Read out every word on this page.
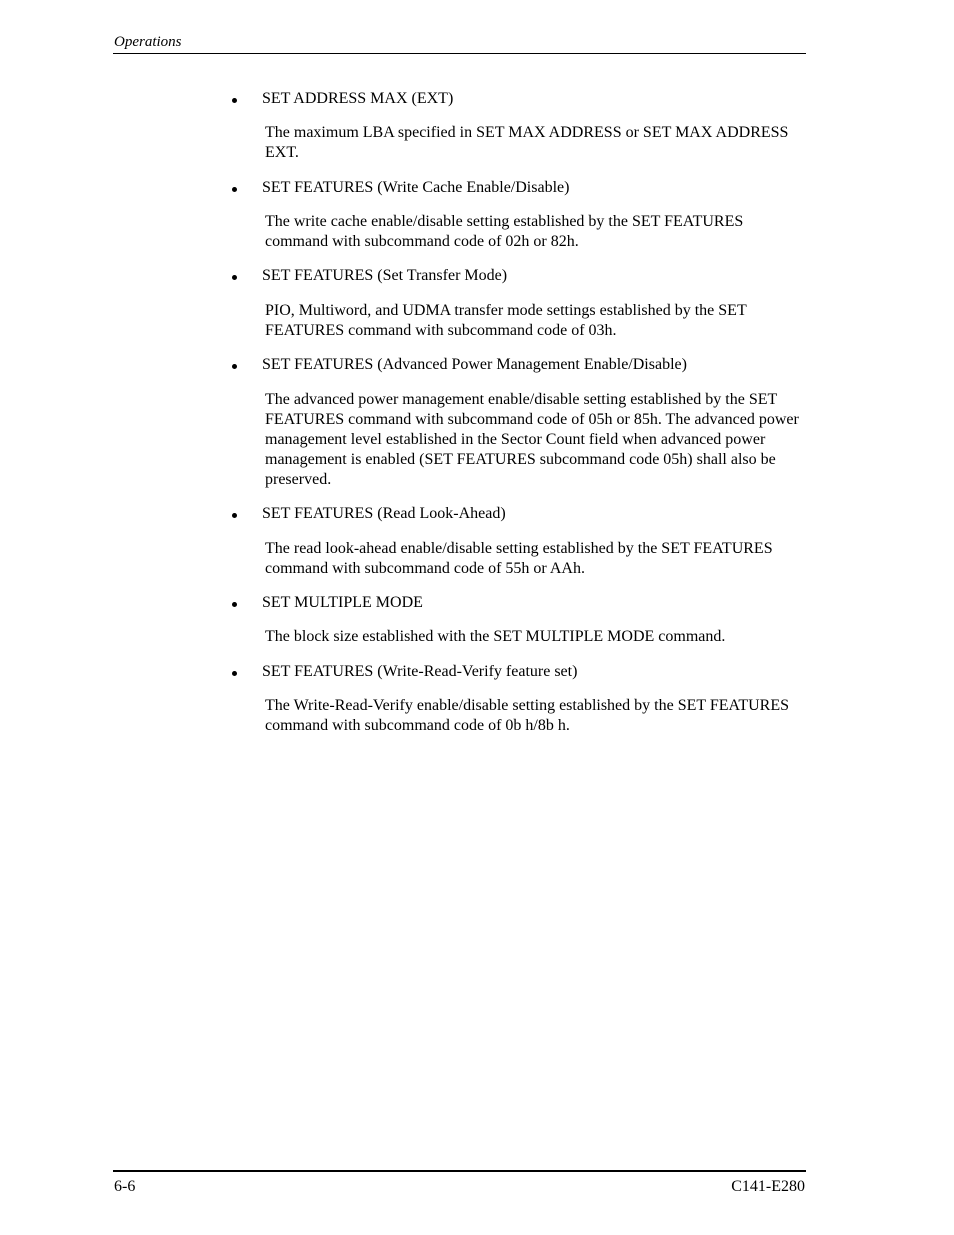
Operations
SET ADDRESS MAX (EXT)
The maximum LBA specified in SET MAX ADDRESS or SET MAX ADDRESS EXT.
SET FEATURES (Write Cache Enable/Disable)
The write cache enable/disable setting established by the SET FEATURES command with subcommand code of 02h or 82h.
SET FEATURES (Set Transfer Mode)
PIO, Multiword, and UDMA transfer mode settings established by the SET FEATURES command with subcommand code of 03h.
SET FEATURES (Advanced Power Management Enable/Disable)
The advanced power management enable/disable setting established by the SET FEATURES command with subcommand code of 05h or 85h. The advanced power management level established in the Sector Count field when advanced power management is enabled (SET FEATURES subcommand code 05h) shall also be preserved.
SET FEATURES (Read Look-Ahead)
The read look-ahead enable/disable setting established by the SET FEATURES command with subcommand code of 55h or AAh.
SET MULTIPLE MODE
The block size established with the SET MULTIPLE MODE command.
SET FEATURES (Write-Read-Verify feature set)
The Write-Read-Verify enable/disable setting established by the SET FEATURES command with subcommand code of 0b h/8b h.
6-6	C141-E280
